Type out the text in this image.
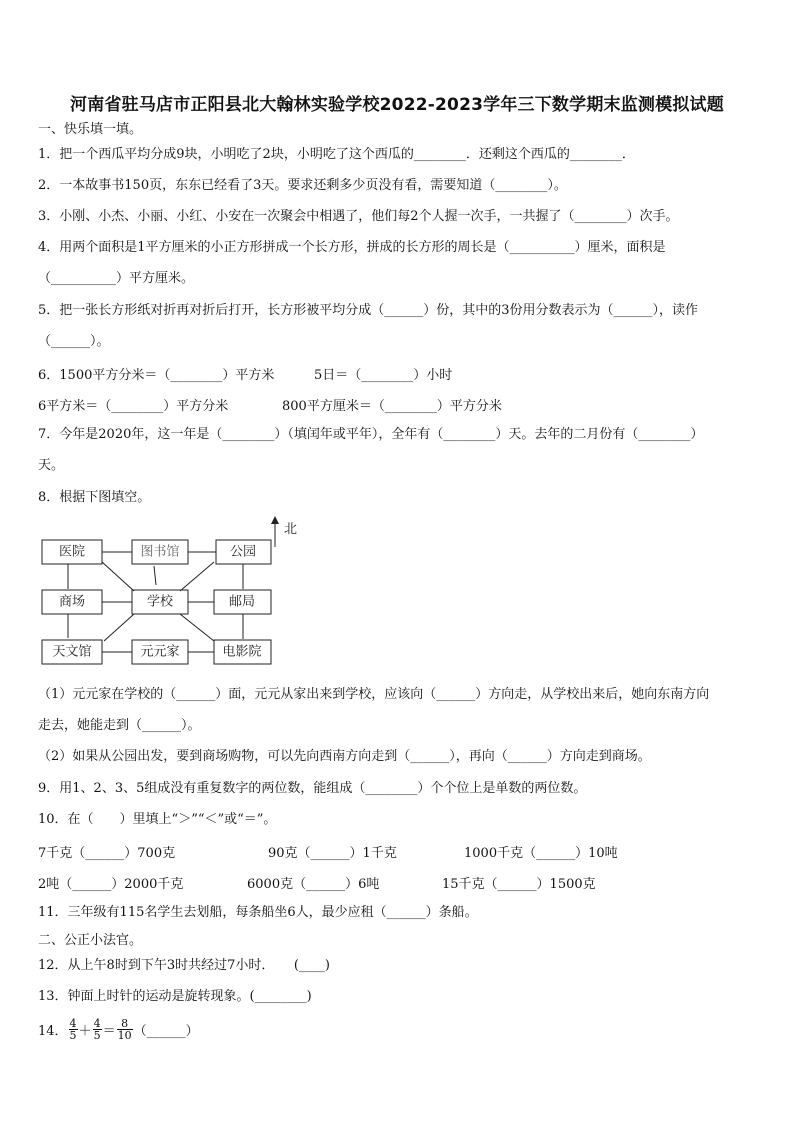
河南省驻马店市正阳县北大翰林实验学校2022-2023学年三下数学期末监测模拟试题
一、快乐填一填。
1．把一个西瓜平均分成9块，小明吃了2块，小明吃了这个西瓜的________．还剩这个西瓜的________．
2．一本故事书150页，东东已经看了3天。要求还剩多少页没有看，需要知道（________）。
3．小刚、小杰、小丽、小红、小安在一次聚会中相遇了，他们每2个人握一次手，一共握了（________）次手。
4．用两个面积是1平方厘米的小正方形拼成一个长方形，拼成的长方形的周长是（__________）厘米，面积是
（__________）平方厘米。
5．把一张长方形纸对折再对折后打开，长方形被平均分成（______）份，其中的3份用分数表示为（______），读作
（______）。
6．1500平方分米＝（________）平方米	5日＝（________）小时
6平方米＝（________）平方分米	800平方厘米＝（________）平方分米
7．今年是2020年，这一年是（________）（填闰年或平年），全年有（________）天。去年的二月份有（________）
天。
8．根据下图填空。
北
医院	图书馆	公园
商场	学校	邮局
天文馆	元元家	电影院
（1）元元家在学校的（______）面，元元从家出来到学校，应该向（______）方向走，从学校出来后，她向东南方向
走去，她能走到（______）。
（2）如果从公园出发，要到商场购物，可以先向西南方向走到（______），再向（______）方向走到商场。
9．用1、2、3、5组成没有重复数字的两位数，能组成（________）个个位上是单数的两位数。
10．在（　　）里填上“＞”“＜”或“＝”。
7千克（______）700克	90克（______）1千克	1000千克（______）10吨
2吨（______）2000千克	6000克（______）6吨	15千克（______）1500克
11．三年级有115名学生去划船，每条船坐6人，最少应租（______）条船。
二、公正小法官。
12．从上午8时到下午3时共经过7小时．　　(____)
13．钟面上时针的运动是旋转现象。(________)
14． $\frac{4}{5} + \frac{4}{5} = \frac{8}{10}$ （______）
